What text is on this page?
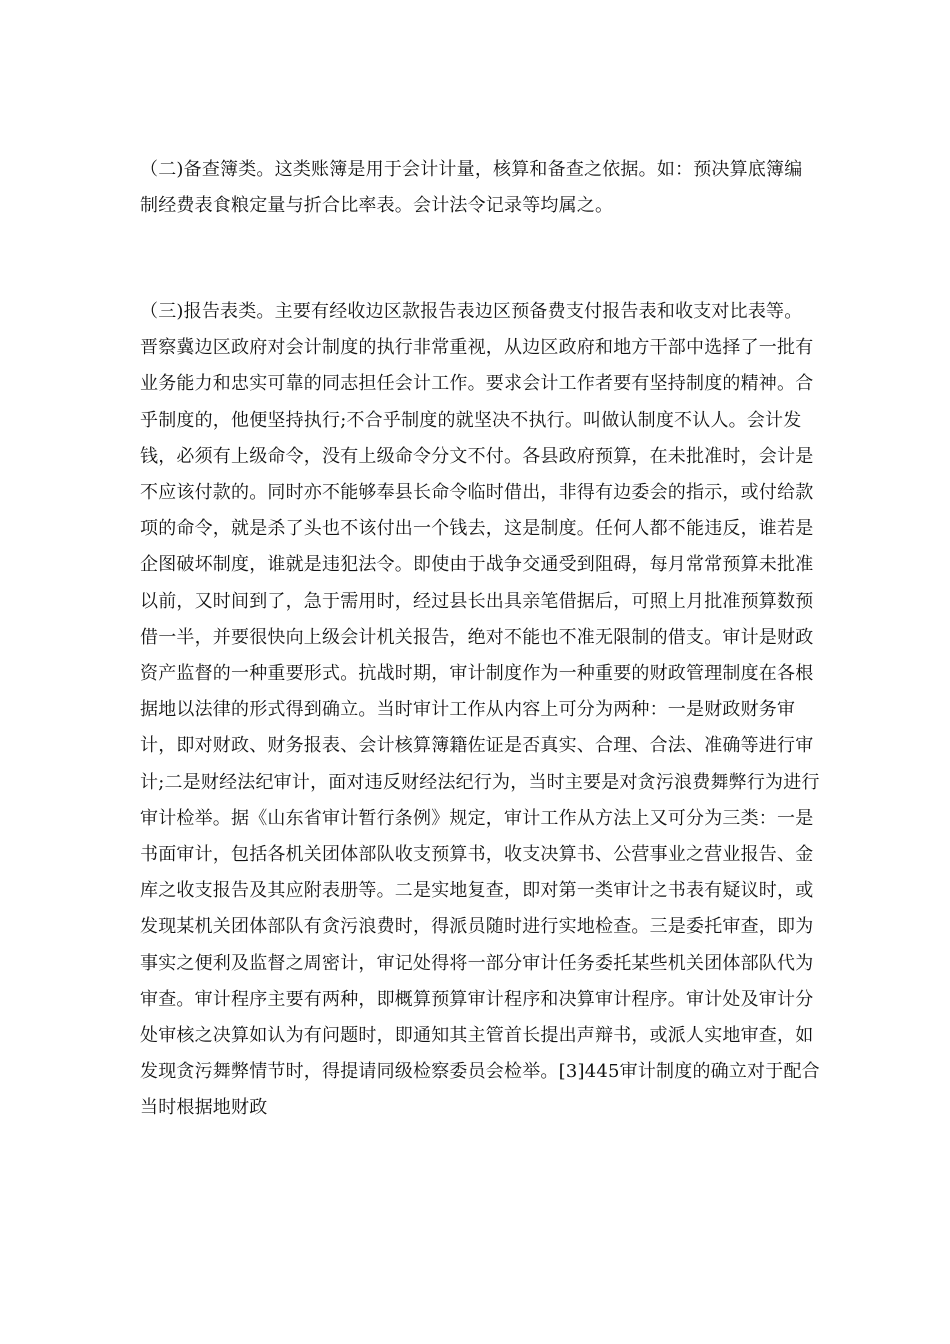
（二)备查簿类。这类账簿是用于会计计量，核算和备查之依据。如：预决算底簿编制经费表食粮定量与折合比率表。会计法令记录等均属之。

（三)报告表类。主要有经收边区款报告表边区预备费支付报告表和收支对比表等。晋察冀边区政府对会计制度的执行非常重视，从边区政府和地方干部中选择了一批有业务能力和忠实可靠的同志担任会计工作。要求会计工作者要有坚持制度的精神。合乎制度的，他便坚持执行;不合乎制度的就坚决不执行。叫做认制度不认人。会计发钱，必须有上级命令，没有上级命令分文不付。各县政府预算，在未批准时，会计是不应该付款的。同时亦不能够奉县长命令临时借出，非得有边委会的指示，或付给款项的命令，就是杀了头也不该付出一个钱去，这是制度。任何人都不能违反，谁若是企图破坏制度，谁就是违犯法令。即使由于战争交通受到阻碍，每月常常预算未批准以前，又时间到了，急于需用时，经过县长出具亲笔借据后，可照上月批准预算数预借一半，并要很快向上级会计机关报告，绝对不能也不准无限制的借支。审计是财政资产监督的一种重要形式。抗战时期，审计制度作为一种重要的财政管理制度在各根据地以法律的形式得到确立。当时审计工作从内容上可分为两种：一是财政财务审计，即对财政、财务报表、会计核算簿籍佐证是否真实、合理、合法、准确等进行审计;二是财经法纪审计，面对违反财经法纪行为，当时主要是对贪污浪费舞弊行为进行审计检举。据《山东省审计暂行条例》规定，审计工作从方法上又可分为三类：一是书面审计，包括各机关团体部队收支预算书，收支决算书、公营事业之营业报告、金库之收支报告及其应附表册等。二是实地复查，即对第一类审计之书表有疑议时，或发现某机关团体部队有贪污浪费时，得派员随时进行实地检查。三是委托审查，即为事实之便利及监督之周密计，审记处得将一部分审计任务委托某些机关团体部队代为审查。审计程序主要有两种，即概算预算审计程序和决算审计程序。审计处及审计分处审核之决算如认为有问题时，即通知其主管首长提出声辩书，或派人实地审查，如发现贪污舞弊情节时，得提请同级检察委员会检举。[3]445审计制度的确立对于配合当时根据地财政
